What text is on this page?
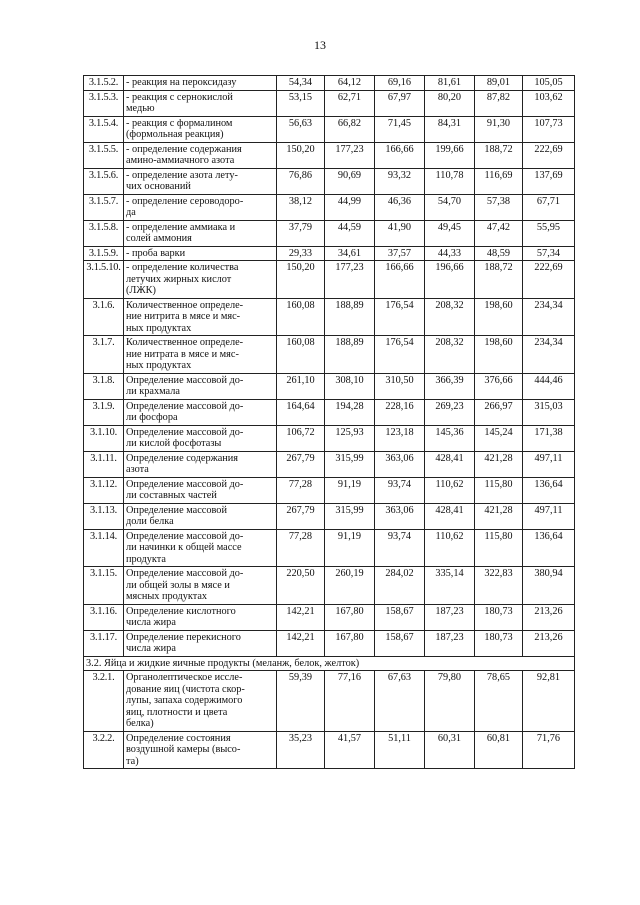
13
3.1.5.2.	- реакция на пероксидазу	54,34	64,12	69,16	81,61	89,01	105,05
3.1.5.3.	- реакция с сернокислой
медью	53,15	62,71	67,97	80,20	87,82	103,62
3.1.5.4.	- реакция с формалином
(формольная реакция)	56,63	66,82	71,45	84,31	91,30	107,73
3.1.5.5.	- определение содержания
амино-аммиачного азота	150,20	177,23	166,66	199,66	188,72	222,69
3.1.5.6.	- определение азота лету-
чих оснований	76,86	90,69	93,32	110,78	116,69	137,69
3.1.5.7.	- определение сероводоро-
да	38,12	44,99	46,36	54,70	57,38	67,71
3.1.5.8.	- определение аммиака и
солей аммония	37,79	44,59	41,90	49,45	47,42	55,95
3.1.5.9.	- проба варки	29,33	34,61	37,57	44,33	48,59	57,34
3.1.5.10.	- определение количества
летучих жирных кислот
(ЛЖК)	150,20	177,23	166,66	196,66	188,72	222,69
3.1.6.	Количественное определе-
ние нитрита в мясе и мяс-
ных продуктах	160,08	188,89	176,54	208,32	198,60	234,34
3.1.7.	Количественное определе-
ние нитрата в мясе и мяс-
ных продуктах	160,08	188,89	176,54	208,32	198,60	234,34
3.1.8.	Определение массовой до-
ли крахмала	261,10	308,10	310,50	366,39	376,66	444,46
3.1.9.	Определение массовой до-
ли фосфора	164,64	194,28	228,16	269,23	266,97	315,03
3.1.10.	Определение массовой до-
ли кислой фосфотазы	106,72	125,93	123,18	145,36	145,24	171,38
3.1.11.	Определение содержания
азота	267,79	315,99	363,06	428,41	421,28	497,11
3.1.12.	Определение массовой до-
ли составных частей	77,28	91,19	93,74	110,62	115,80	136,64
3.1.13.	Определение массовой
доли белка	267,79	315,99	363,06	428,41	421,28	497,11
3.1.14.	Определение массовой до-
ли начинки к общей массе
продукта	77,28	91,19	93,74	110,62	115,80	136,64
3.1.15.	Определение массовой до-
ли общей золы в мясе и
мясных продуктах	220,50	260,19	284,02	335,14	322,83	380,94
3.1.16.	Определение кислотного
числа жира	142,21	167,80	158,67	187,23	180,73	213,26
3.1.17.	Определение перекисного
числа жира	142,21	167,80	158,67	187,23	180,73	213,26
3.2. Яйца и жидкие яичные продукты (меланж, белок, желток)							
3.2.1.	Органолептическое иссле-
дование яиц (чистота скор-
лупы, запаха содержимого
яиц, плотности и цвета
белка)	59,39	77,16	67,63	79,80	78,65	92,81
3.2.2.	Определение состояния
воздушной камеры (высо-
та)	35,23	41,57	51,11	60,31	60,81	71,76
